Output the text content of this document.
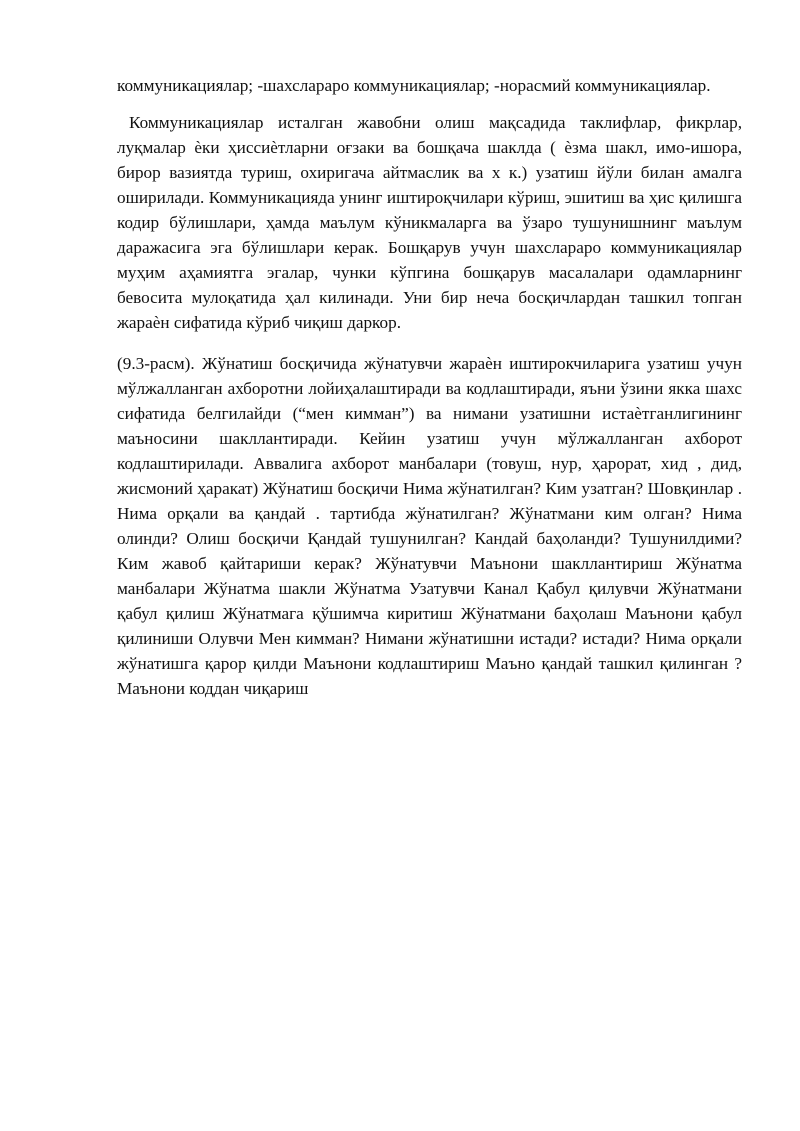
коммуникациялар; -шахслараро коммуникациялар; -норасмий коммуникациялар.

Коммуникациялар исталган жавобни олиш мақсадида таклифлар, фикрлар, луқмалар ѐки ҳиссиѐтларни оғзаки ва бошқача шаклда ( ѐзма шакл, имо-ишора, бирор вазиятда туриш, охиригача айтмаслик ва х к.) узатиш йўли билан амалга оширилади. Коммуникацияда унинг иштироқчилари кўриш, эшитиш ва ҳис қилишга кодир бўлишлари, ҳамда маълум кўникмаларга ва ўзаро тушунишнинг маълум даражасига эга бўлишлари керак. Бошқарув учун шахслараро коммуникациялар муҳим аҳамиятга эгалар, чунки кўпгина бошқарув масалалари одамларнинг бевосита мулоқатида ҳал килинади. Уни бир неча босқичлардан ташкил топган жараѐн сифатида кўриб чиқиш даркор.

(9.3-расм). Жўнатиш босқичида жўнатувчи жараѐн иштирокчиларига узатиш учун мўлжалланган ахборотни лойиҳалаштиради ва кодлаштиради, яъни ўзини якка шахс сифатида белгилайди (“мен кимман”) ва нимани узатишни истаѐтганлигининг маъносини шакллантиради. Кейин узатиш учун мўлжалланган ахборот кодлаштирилади. Аввалига ахборот манбалари (товуш, нур, ҳарорат, хид , дид, жисмоний ҳаракат) Жўнатиш босқичи Нима жўнатилган? Ким узатган? Шовқинлар . Нима орқали ва қандай . тартибда жўнатилган? Жўнатмани ким олган? Нима олинди? Олиш босқичи Қандай тушунилган? Кандай баҳоланди? Тушунилдими? Ким жавоб қайтариши керак? Жўнатувчи Маънони шакллантириш Жўнатма манбалари Жўнатма шакли Жўнатма Узатувчи Канал Қабул қилувчи Жўнатмани қабул қилиш Жўнатмага қўшимча киритиш Жўнатмани баҳолаш Маънони қабул қилиниши Олувчи Мен кимман? Нимани жўнатишни истади? истади? Нима орқали жўнатишга қарор қилди Маънони кодлаштириш Маъно қандай ташкил қилинган ? Маънони коддан чиқариш
